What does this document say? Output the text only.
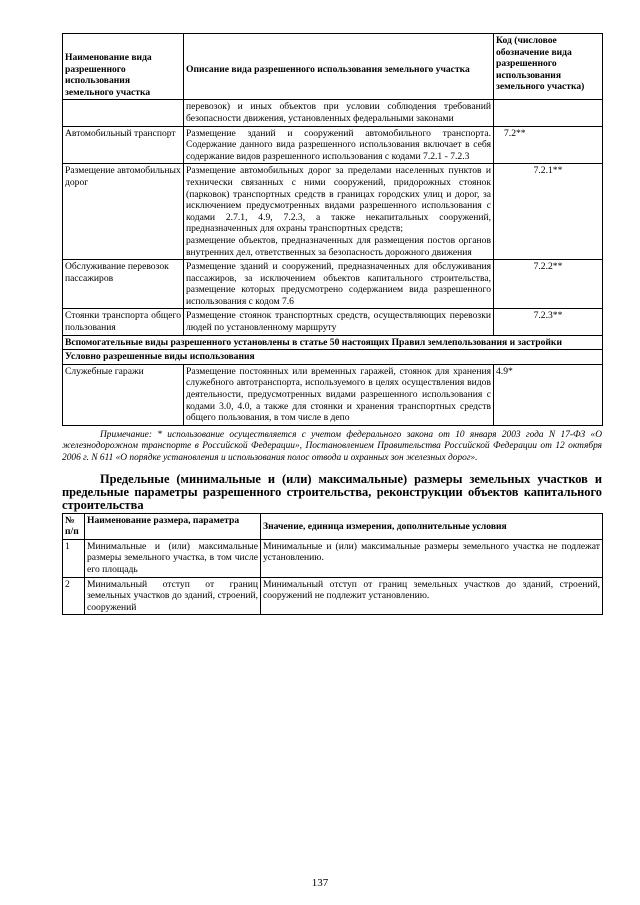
Наименование вида разрешенного использования земельного участка	Описание вида разрешенного использования земельного участка	Код (числовое обозначение вида разрешенного использования земельного участка)
	перевозок) и иных объектов при условии соблюдения требований безопасности движения, установленных федеральными законами	
Автомобильный транспорт	Размещение зданий и сооружений автомобильного транспорта. Содержание данного вида разрешенного использования включает в себя содержание видов разрешенного использования с кодами 7.2.1 - 7.2.3	7.2**
Размещение автомобильных дорог	Размещение автомобильных дорог за пределами населенных пунктов и технически связанных с ними сооружений, придорожных стоянок (парковок) транспортных средств в границах городских улиц и дорог, за исключением предусмотренных видами разрешенного использования с кодами 2.7.1, 4.9, 7.2.3, а также некапитальных сооружений, предназначенных для охраны транспортных средств;
размещение объектов, предназначенных для размещения постов органов внутренних дел, ответственных за безопасность дорожного движения	7.2.1**
Обслуживание перевозок пассажиров	Размещение зданий и сооружений, предназначенных для обслуживания пассажиров, за исключением объектов капитального строительства, размещение которых предусмотрено содержанием вида разрешенного использования с кодом 7.6	7.2.2**
Стоянки транспорта общего пользования	Размещение стоянок транспортных средств, осуществляющих перевозки людей по установленному маршруту	7.2.3**
Вспомогательные виды разрешенного установлены в статье 50 настоящих Правил землепользования и застройки		
Условно разрешенные виды использования		
Служебные гаражи	Размещение постоянных или временных гаражей, стоянок для хранения служебного автотранспорта, используемого в целях осуществления видов деятельности, предусмотренных видами разрешенного использования с кодами 3.0, 4.0, а также для стоянки и хранения транспортных средств общего пользования, в том числе в депо	4.9*
Примечание: * использование осуществляется с учетом федерального закона от 10 января 2003 года N 17-ФЗ «О железнодорожном транспорте в Российской Федерации», Постановлением Правительства Российской Федерации от 12 октября 2006 г. N 611 «О порядке установления и использования полос отвода и охранных зон железных дорог».
Предельные (минимальные и (или) максимальные) размеры земельных участков и предельные параметры разрешенного строительства, реконструкции объектов капитального строительства
№ п/п	Наименование размера, параметра	Значение, единица измерения, дополнительные условия
1	Минимальные и (или) максимальные размеры земельного участка, в том числе его площадь	Минимальные и (или) максимальные размеры земельного участка не подлежат установлению.
2	Минимальный отступ от границ земельных участков до зданий, строений, сооружений	Минимальный отступ от границ земельных участков до зданий, строений, сооружений не подлежит установлению.
137
